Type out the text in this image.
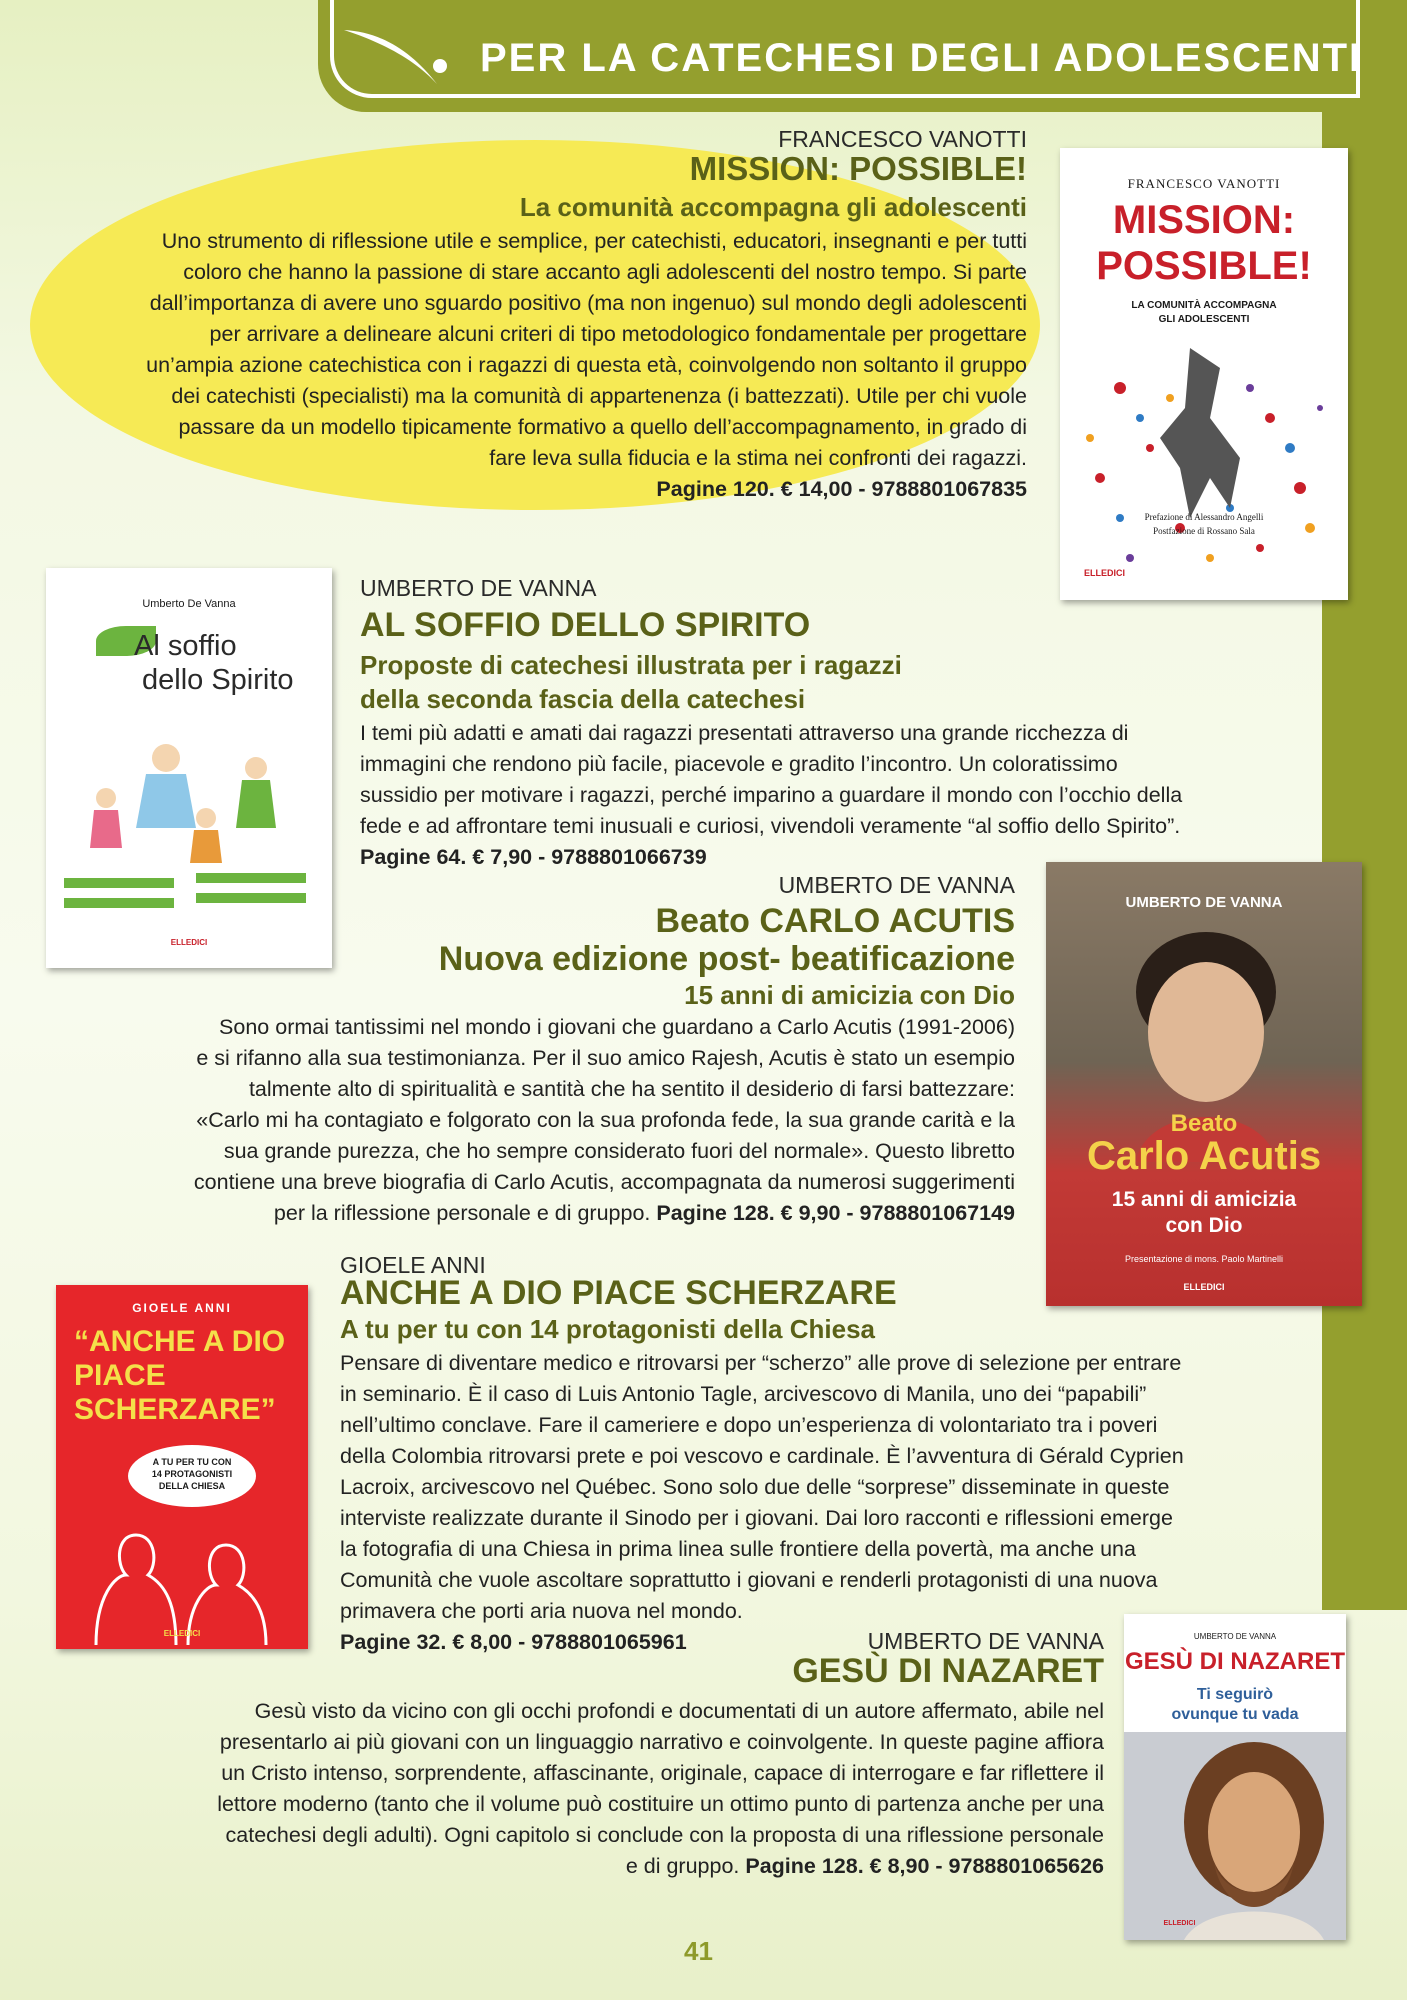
PER LA CATECHESI DEGLI ADOLESCENTI
FRANCESCO VANOTTI
MISSION: POSSIBLE!
La comunità accompagna gli adolescenti
Uno strumento di riflessione utile e semplice, per catechisti, educatori, insegnanti e per tutti
coloro che hanno la passione di stare accanto agli adolescenti del nostro tempo. Si parte
dall’importanza di avere uno sguardo positivo (ma non ingenuo) sul mondo degli adolescenti
per arrivare a delineare alcuni criteri di tipo metodologico fondamentale per progettare
un’ampia azione catechistica con i ragazzi di questa età, coinvolgendo non soltanto il gruppo
dei catechisti (specialisti) ma la comunità di appartenenza (i battezzati). Utile per chi vuole
passare da un modello tipicamente formativo a quello dell’accompagnamento, in grado di
fare leva sulla fiducia e la stima nei confronti dei ragazzi.
Pagine 120. € 14,00 - 9788801067835
FRANCESCO VANOTTI
MISSION:
POSSIBLE!
LA COMUNITÀ ACCOMPAGNA
GLI ADOLESCENTI
Prefazione di Alessandro Angelli
Postfazione di Rossano Sala
ELLEDICI
Umberto De Vanna
Al soffio
dello Spirito
ELLEDICI
UMBERTO DE VANNA
AL SOFFIO DELLO SPIRITO
Proposte di catechesi illustrata per i ragazzi
della seconda fascia della catechesi
I temi più adatti e amati dai ragazzi presentati attraverso una grande ricchezza di
immagini che rendono più facile, piacevole e gradito l’incontro. Un coloratissimo
sussidio per motivare i ragazzi, perché imparino a guardare il mondo con l’occhio della
fede e ad affrontare temi inusuali e curiosi, vivendoli veramente “al soffio dello Spirito”.
Pagine 64. € 7,90 - 9788801066739
UMBERTO DE VANNA
Beato CARLO ACUTIS
Nuova edizione post- beatificazione
15 anni di amicizia con Dio
Sono ormai tantissimi nel mondo i giovani che guardano a Carlo Acutis (1991-2006)
e si rifanno alla sua testimonianza. Per il suo amico Rajesh, Acutis è stato un esempio
talmente alto di spiritualità e santità che ha sentito il desiderio di farsi battezzare:
«Carlo mi ha contagiato e folgorato con la sua profonda fede, la sua grande carità e la
sua grande purezza, che ho sempre considerato fuori del normale». Questo libretto
contiene una breve biografia di Carlo Acutis, accompagnata da numerosi suggerimenti
per la riflessione personale e di gruppo. Pagine 128. € 9,90 - 9788801067149
UMBERTO DE VANNA
Beato
Carlo Acutis
15 anni di amicizia
con Dio
Presentazione di mons. Paolo Martinelli
ELLEDICI
GIOELE ANNI
“ANCHE A DIO
PIACE
SCHERZARE”
A TU PER TU CON
14 PROTAGONISTI
DELLA CHIESA
ELLEDICI
GIOELE ANNI
ANCHE A DIO PIACE SCHERZARE
A tu per tu con 14 protagonisti della Chiesa
Pensare di diventare medico e ritrovarsi per “scherzo” alle prove di selezione per entrare
in seminario. È il caso di Luis Antonio Tagle, arcivescovo di Manila, uno dei “papabili”
nell’ultimo conclave. Fare il cameriere e dopo un’esperienza di volontariato tra i poveri
della Colombia ritrovarsi prete e poi vescovo e cardinale. È l’avventura di Gérald Cyprien
Lacroix, arcivescovo nel Québec. Sono solo due delle “sorprese” disseminate in queste
interviste realizzate durante il Sinodo per i giovani. Dai loro racconti e riflessioni emerge
la fotografia di una Chiesa in prima linea sulle frontiere della povertà, ma anche una
Comunità che vuole ascoltare soprattutto i giovani e renderli protagonisti di una nuova
primavera che porti aria nuova nel mondo.
Pagine 32. € 8,00 - 9788801065961	UMBERTO DE VANNA
GESÙ DI NAZARET
Gesù visto da vicino con gli occhi profondi e documentati di un autore affermato, abile nel
presentarlo ai più giovani con un linguaggio narrativo e coinvolgente. In queste pagine affiora
un Cristo intenso, sorprendente, affascinante, originale, capace di interrogare e far riflettere il
lettore moderno (tanto che il volume può costituire un ottimo punto di partenza anche per una
catechesi degli adulti). Ogni capitolo si conclude con la proposta di una riflessione personale
e di gruppo. Pagine 128. € 8,90 - 9788801065626
UMBERTO DE VANNA
GESÙ DI NAZARET
Ti seguirò
ovunque tu vada
ELLEDICI
41
